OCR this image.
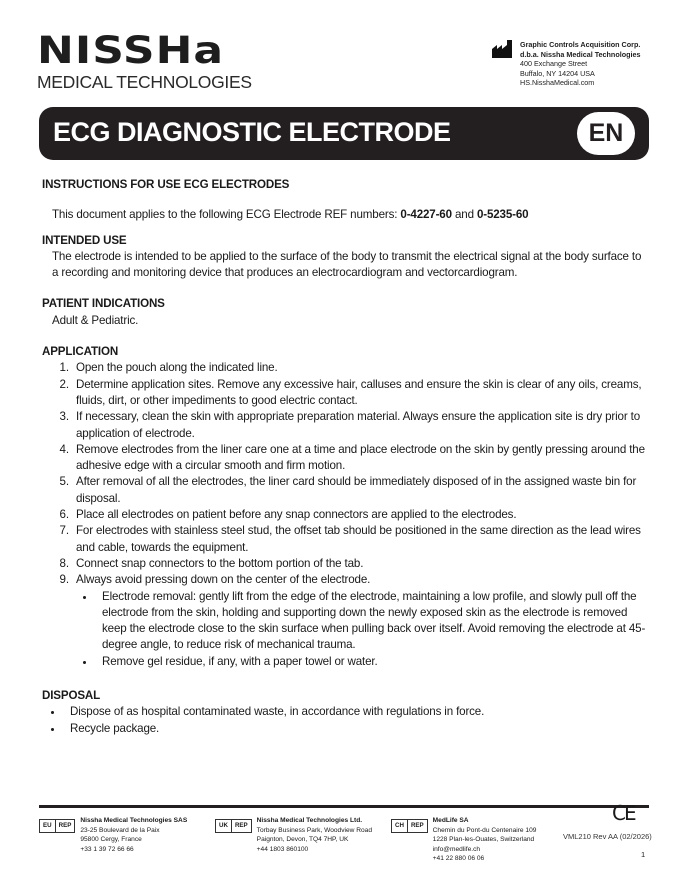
NISSHa
MEDICAL TECHNOLOGIES
Graphic Controls Acquisition Corp.
d.b.a. Nissha Medical Technologies
400 Exchange Street
Buffalo, NY 14204 USA
HS.NisshaMedical.com
ECG DIAGNOSTIC ELECTRODE	EN
INSTRUCTIONS FOR USE ECG ELECTRODES

This document applies to the following ECG Electrode REF numbers: 0-4227-60 and 0-5235-60

INTENDED USE

The electrode is intended to be applied to the surface of the body to transmit the electrical signal at the body surface to a recording and monitoring device that produces an electrocardiogram and vectorcardiogram.

PATIENT INDICATIONS

Adult & Pediatric.

APPLICATION
1. Open the pouch along the indicated line.
2. Determine application sites. Remove any excessive hair, calluses and ensure the skin is clear of any oils, creams, fluids, dirt, or other impediments to good electric contact.
3. If necessary, clean the skin with appropriate preparation material. Always ensure the application site is dry prior to application of electrode.
4. Remove electrodes from the liner care one at a time and place electrode on the skin by gently pressing around the adhesive edge with a circular smooth and firm motion.
5. After removal of all the electrodes, the liner card should be immediately disposed of in the assigned waste bin for disposal.
6. Place all electrodes on patient before any snap connectors are applied to the electrodes.
7. For electrodes with stainless steel stud, the offset tab should be positioned in the same direction as the lead wires and cable, towards the equipment.
8. Connect snap connectors to the bottom portion of the tab.
9. Always avoid pressing down on the center of the electrode.
• Electrode removal: gently lift from the edge of the electrode, maintaining a low profile, and slowly pull off the electrode from the skin, holding and supporting down the newly exposed skin as the electrode is removed keep the electrode close to the skin surface when pulling back over itself. Avoid removing the electrode at 45-degree angle, to reduce risk of mechanical trauma.
• Remove gel residue, if any, with a paper towel or water.
DISPOSAL
• Dispose of as hospital contaminated waste, in accordance with regulations in force.
• Recycle package.
EU	REP
Nissha Medical Technologies SAS
23-25 Boulevard de la Paix
95800 Cergy, France
+33 1 39 72 66 66
UK	REP
Nissha Medical Technologies Ltd.
Torbay Business Park, Woodview Road
Paignton, Devon, TQ4 7HP, UK
+44 1803 860100
CH	REP
MedLife SA
Chemin du Pont-du Centenaire 109
1228 Plan-les-Ouates, Switzerland
info@medlife.ch
+41 22 880 06 06
CE
VML210 Rev AA (02/2026)
1
